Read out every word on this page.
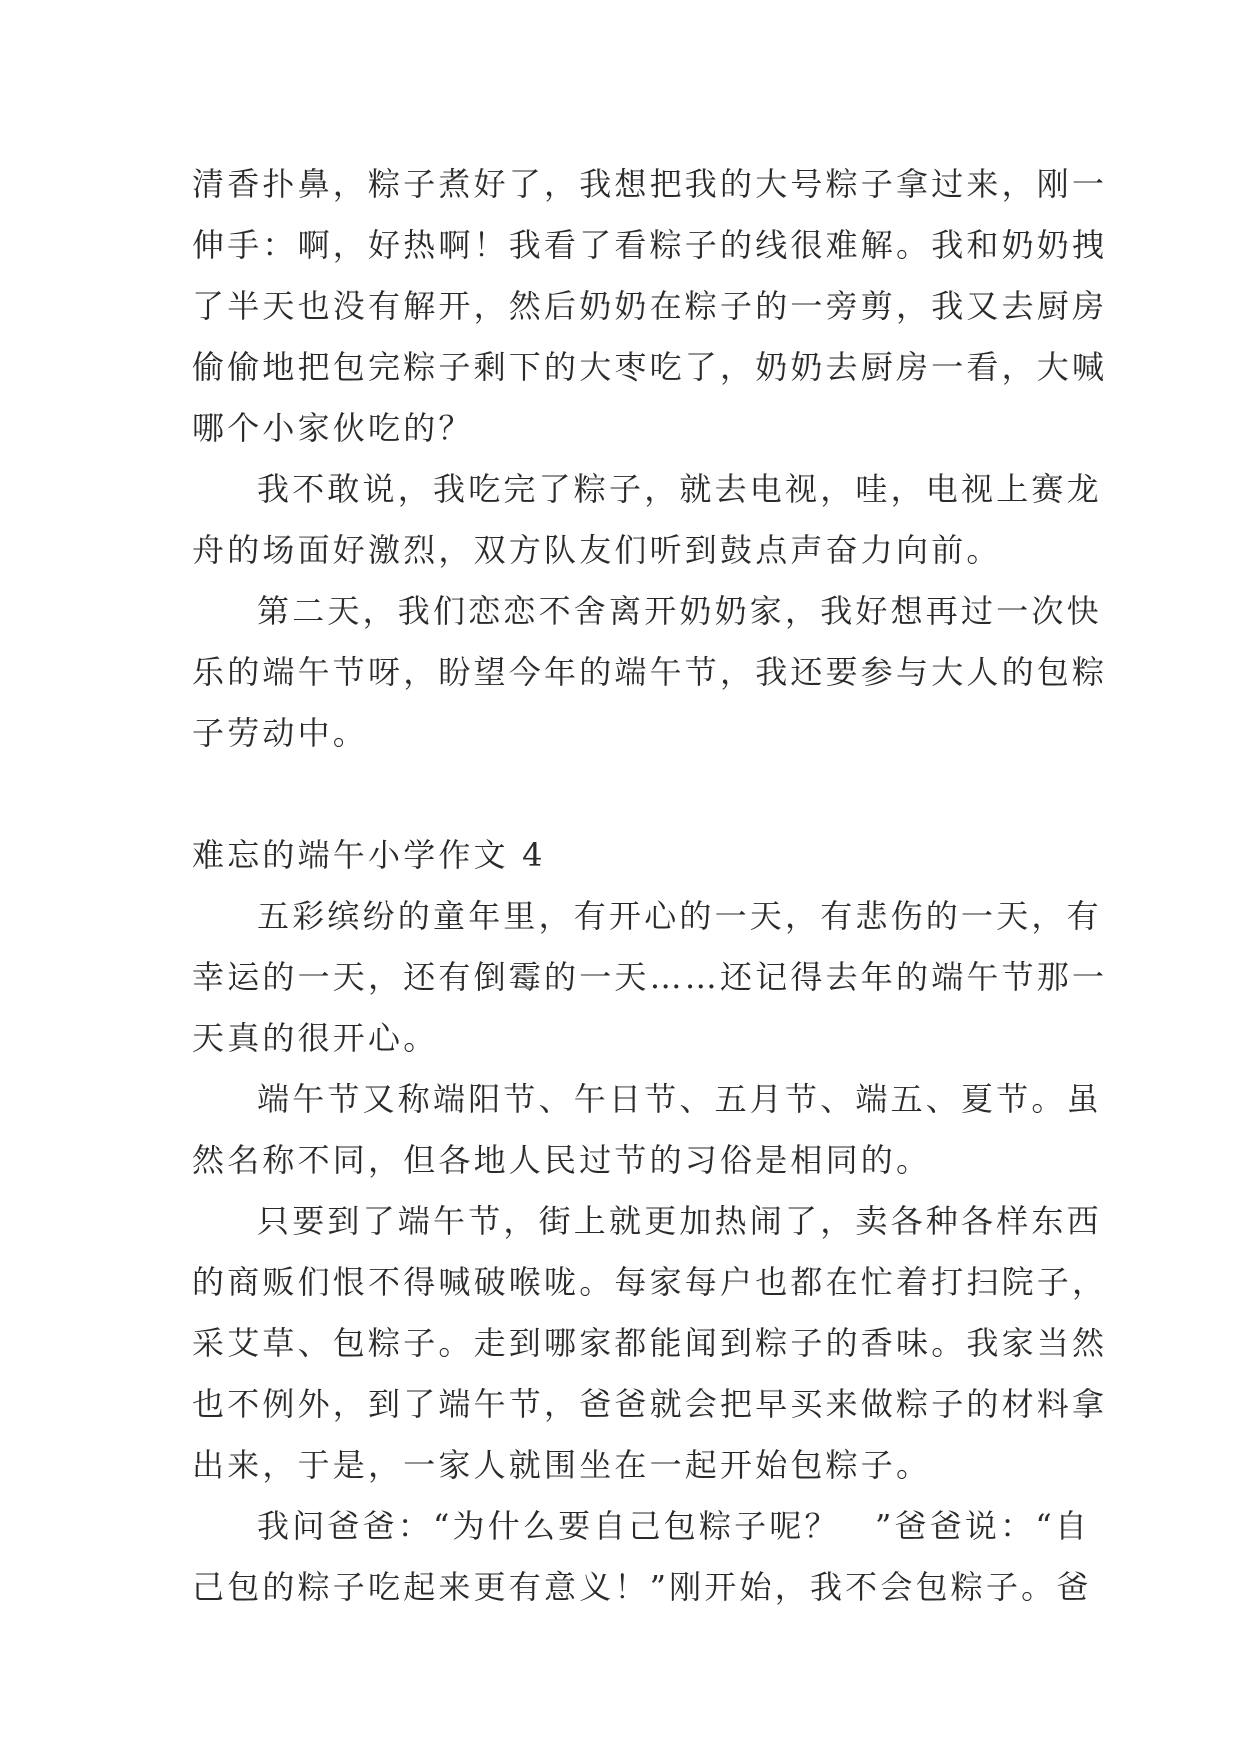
清香扑鼻，粽子煮好了，我想把我的大号粽子拿过来，刚一
伸手：啊，好热啊！我看了看粽子的线很难解。我和奶奶拽
了半天也没有解开，然后奶奶在粽子的一旁剪，我又去厨房
偷偷地把包完粽子剩下的大枣吃了，奶奶去厨房一看，大喊
哪个小家伙吃的？
我不敢说，我吃完了粽子，就去电视，哇，电视上赛龙
舟的场面好激烈，双方队友们听到鼓点声奋力向前。
第二天，我们恋恋不舍离开奶奶家，我好想再过一次快
乐的端午节呀，盼望今年的端午节，我还要参与大人的包粽
子劳动中。
难忘的端午小学作文 4
五彩缤纷的童年里，有开心的一天，有悲伤的一天，有
幸运的一天，还有倒霉的一天……还记得去年的端午节那一
天真的很开心。
端午节又称端阳节、午日节、五月节、端五、夏节。虽
然名称不同，但各地人民过节的习俗是相同的。
只要到了端午节，街上就更加热闹了，卖各种各样东西
的商贩们恨不得喊破喉咙。每家每户也都在忙着打扫院子，
采艾草、包粽子。走到哪家都能闻到粽子的香味。我家当然
也不例外，到了端午节，爸爸就会把早买来做粽子的材料拿
出来，于是，一家人就围坐在一起开始包粽子。
我问爸爸：“为什么要自己包粽子呢？　”爸爸说：“自
己包的粽子吃起来更有意义！”刚开始，我不会包粽子。爸
